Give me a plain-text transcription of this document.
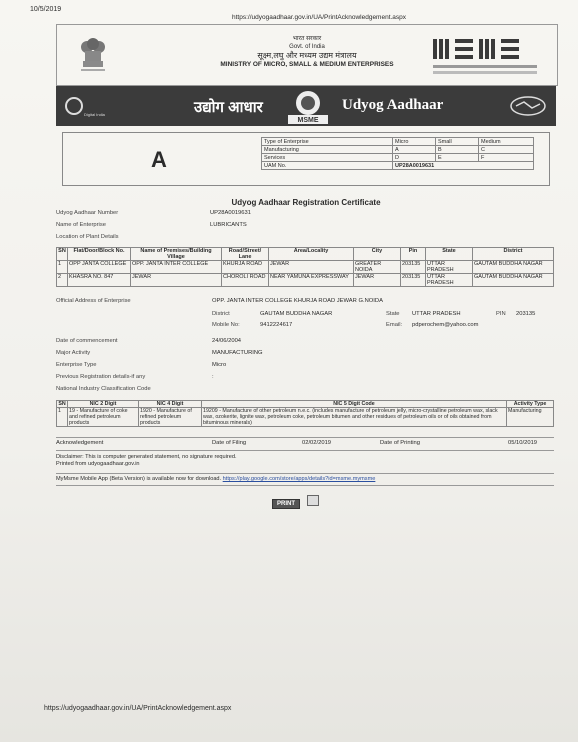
10/5/2019
https://udyogaadhaar.gov.in/UA/PrintAcknowledgement.aspx
भारत सरकार
Govt. of India
सूक्ष्म,लघु और मध्यम उद्यम मंत्रालय
MINISTRY OF MICRO, SMALL & MEDIUM ENTERPRISES
Digital India	उद्योग आधार
MSME
Udyog Aadhaar
A
Type of Enterprise	Micro	Small	Medium
Manufacturing	A	B	C
Services	D	E	F
UAM No.	UP28A0019631		
Udyog Aadhaar Registration Certificate
Udyog Aadhaar Number	UP28A0019631
Name of Enterprise	LUBRICANTS
Location of Plant Details
SN	Flat/Door/Block No.	Name of Premises/Building Village	Road/Street/ Lane	Area/Locality	City	Pin	State	District
1	OPP JANTA COLLEGE	OPP. JANTA INTER COLLEGE	KHURJA ROAD	JEWAR	GREATER NOIDA	203135	UTTAR PRADESH	GAUTAM BUDDHA NAGAR
2	KHASRA NO. 847	JEWAR	CHOROLI ROAD	NEAR YAMUNA EXPRESSWAY	JEWAR	203135	UTTAR PRADESH	GAUTAM BUDDHA NAGAR
Official Address of Enterprise	OPP. JANTA INTER COLLEGE KHURJA ROAD JEWAR G.NOIDA
District	GAUTAM BUDDHA NAGAR	State UTTAR PRADESH	PIN 203135
Mobile No:	9412224617	Email: pdperochem@yahoo.com
Date of commencement	24/06/2004
Major Activity	MANUFACTURING
Enterprise Type	Micro
Previous Registration details-if any	:
National Industry Classification Code
SN	NIC 2 Digit	NIC 4 Digit	NIC 5 Digit Code	Activity Type
1	19 - Manufacture of coke and refined petroleum products	1920 - Manufacture of refined petroleum products	19209 - Manufacture of other petroleum n.e.c. (includes manufacture of petroleum jelly, micro-crystalline petroleum wax, slack wax, ozokerite, lignite wax, petroleum coke, petroleum bitumen and other residues of petroleum oils or of oils obtained from bituminous minerals)	Manufacturing
Acknowledgement	Date of Filing	02/02/2019	Date of Printing	05/10/2019
Disclaimer: This is computer generated statement, no signature required.
Printed from udyogaadhaar.gov.in
MyMsme Mobile App (Beta Version) is available now for download. https://play.google.com/store/apps/details?id=msme.mymsme
PRINT
https://udyogaadhaar.gov.in/UA/PrintAcknowledgement.aspx
